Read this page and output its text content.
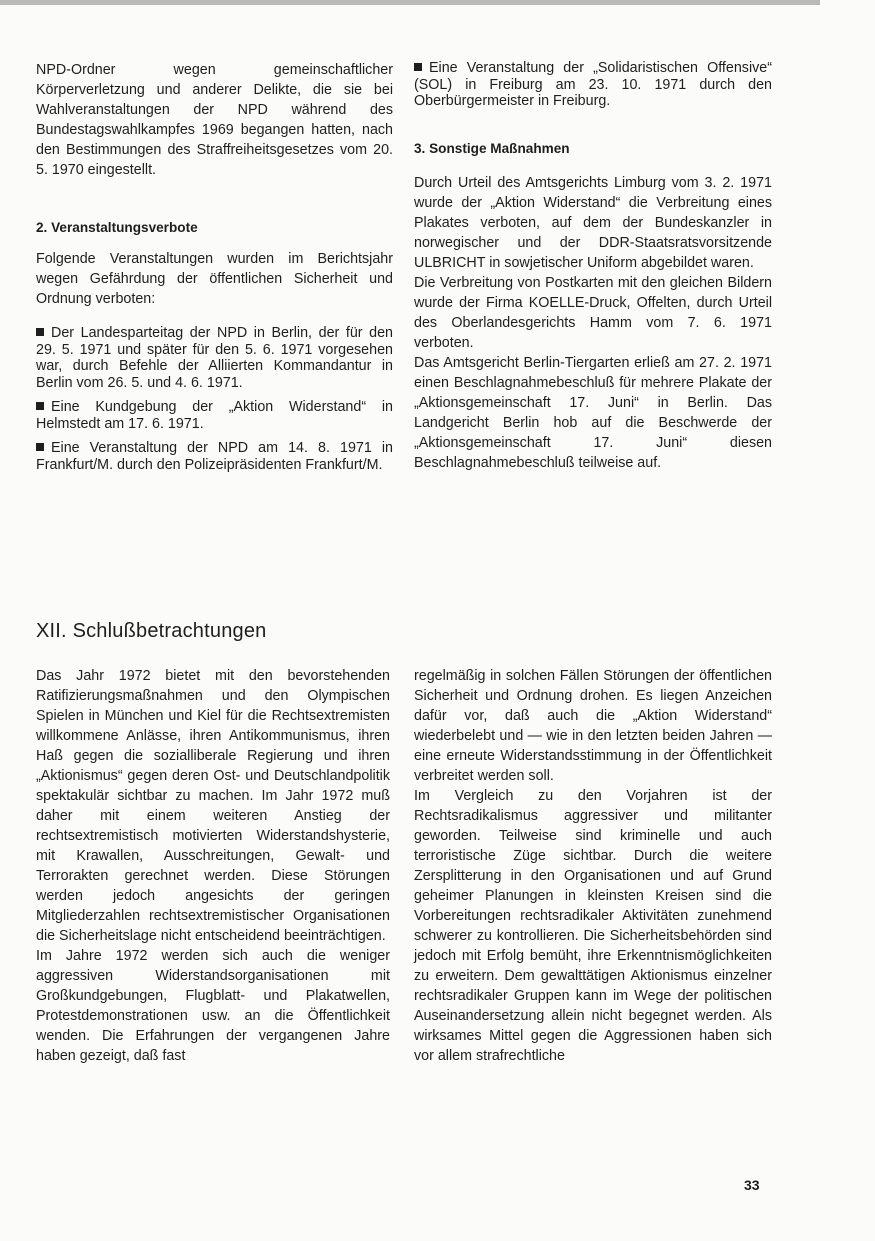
NPD-Ordner wegen gemeinschaftlicher Körperverletzung und anderer Delikte, die sie bei Wahlveranstaltungen der NPD während des Bundestagswahlkampfes 1969 begangen hatten, nach den Bestimmungen des Straffreiheitsgesetzes vom 20. 5. 1970 eingestellt.

2. Veranstaltungsverbote

Folgende Veranstaltungen wurden im Berichtsjahr wegen Gefährdung der öffentlichen Sicherheit und Ordnung verboten:

Der Landesparteitag der NPD in Berlin, der für den 29. 5. 1971 und später für den 5. 6. 1971 vorgesehen war, durch Befehle der Alliierten Kommandantur in Berlin vom 26. 5. und 4. 6. 1971.

Eine Kundgebung der „Aktion Widerstand“ in Helmstedt am 17. 6. 1971.

Eine Veranstaltung der NPD am 14. 8. 1971 in Frankfurt/M. durch den Polizeipräsidenten Frankfurt/M.

Eine Veranstaltung der „Solidaristischen Offensive“ (SOL) in Freiburg am 23. 10. 1971 durch den Oberbürgermeister in Freiburg.

3. Sonstige Maßnahmen

Durch Urteil des Amtsgerichts Limburg vom 3. 2. 1971 wurde der „Aktion Widerstand“ die Verbreitung eines Plakates verboten, auf dem der Bundeskanzler in norwegischer und der DDR-Staatsratsvorsitzende ULBRICHT in sowjetischer Uniform abgebildet waren.

Die Verbreitung von Postkarten mit den gleichen Bildern wurde der Firma KOELLE-Druck, Offelten, durch Urteil des Oberlandesgerichts Hamm vom 7. 6. 1971 verboten.

Das Amtsgericht Berlin-Tiergarten erließ am 27. 2. 1971 einen Beschlagnahmebeschluß für mehrere Plakate der „Aktionsgemeinschaft 17. Juni“ in Berlin. Das Landgericht Berlin hob auf die Beschwerde der „Aktionsgemeinschaft 17. Juni“ diesen Beschlagnahmebeschluß teilweise auf.

XII. Schlußbetrachtungen

Das Jahr 1972 bietet mit den bevorstehenden Ratifizierungsmaßnahmen und den Olympischen Spielen in München und Kiel für die Rechtsextremisten willkommene Anlässe, ihren Antikommunismus, ihren Haß gegen die sozialliberale Regierung und ihren „Aktionismus“ gegen deren Ost- und Deutschlandpolitik spektakulär sichtbar zu machen. Im Jahr 1972 muß daher mit einem weiteren Anstieg der rechtsextremistisch motivierten Widerstandshysterie, mit Krawallen, Ausschreitungen, Gewalt- und Terrorakten gerechnet werden. Diese Störungen werden jedoch angesichts der geringen Mitgliederzahlen rechtsextremistischer Organisationen die Sicherheitslage nicht entscheidend beeinträchtigen.

Im Jahre 1972 werden sich auch die weniger aggressiven Widerstandsorganisationen mit Großkundgebungen, Flugblatt- und Plakatwellen, Protestdemonstrationen usw. an die Öffentlichkeit wenden. Die Erfahrungen der vergangenen Jahre haben gezeigt, daß fast

regelmäßig in solchen Fällen Störungen der öffentlichen Sicherheit und Ordnung drohen. Es liegen Anzeichen dafür vor, daß auch die „Aktion Widerstand“ wiederbelebt und — wie in den letzten beiden Jahren — eine erneute Widerstandsstimmung in der Öffentlichkeit verbreitet werden soll.

Im Vergleich zu den Vorjahren ist der Rechtsradikalismus aggressiver und militanter geworden. Teilweise sind kriminelle und auch terroristische Züge sichtbar. Durch die weitere Zersplitterung in den Organisationen und auf Grund geheimer Planungen in kleinsten Kreisen sind die Vorbereitungen rechtsradikaler Aktivitäten zunehmend schwerer zu kontrollieren. Die Sicherheitsbehörden sind jedoch mit Erfolg bemüht, ihre Erkenntnismöglichkeiten zu erweitern. Dem gewalttätigen Aktionismus einzelner rechtsradikaler Gruppen kann im Wege der politischen Auseinandersetzung allein nicht begegnet werden. Als wirksames Mittel gegen die Aggressionen haben sich vor allem strafrechtliche

33
